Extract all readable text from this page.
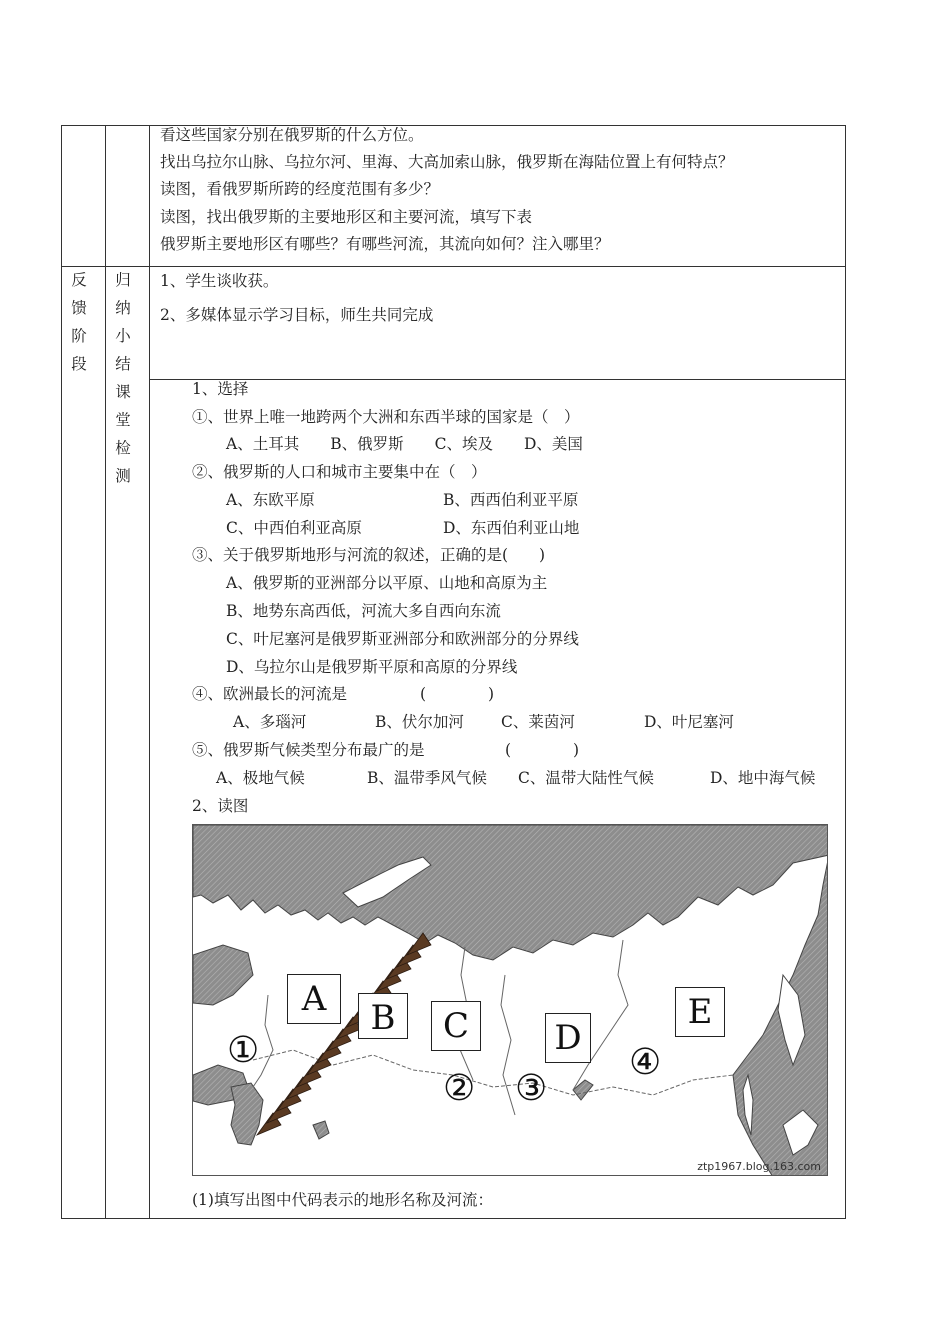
看这些国家分别在俄罗斯的什么方位。
找出乌拉尔山脉、乌拉尔河、里海、大高加索山脉，俄罗斯在海陆位置上有何特点？
读图，看俄罗斯所跨的经度范围有多少？
读图，找出俄罗斯的主要地形区和主要河流，填写下表
俄罗斯主要地形区有哪些？有哪些河流，其流向如何？注入哪里？
反
馈
阶
段
归
纳
小
结
1、学生谈收获。
2、多媒体显示学习目标，师生共同完成
课
堂
检
测
1、选择
①、世界上唯一地跨两个大洲和东西半球的国家是（　）
A、土耳其　　B、俄罗斯　　C、埃及　　D、美国
②、俄罗斯的人口和城市主要集中在（　）
A、东欧平原	B、西西伯利亚平原
C、中西伯利亚高原	D、东西伯利亚山地
③、关于俄罗斯地形与河流的叙述，正确的是(　　)
A、俄罗斯的亚洲部分以平原、山地和高原为主
B、地势东高西低，河流大多自西向东流
C、叶尼塞河是俄罗斯亚洲部分和欧洲部分的分界线
D、乌拉尔山是俄罗斯平原和高原的分界线
④、欧洲最长的河流是	(　　　　)
A、多瑙河	B、伏尔加河 C、莱茵河	D、叶尼塞河
⑤、俄罗斯气候类型分布最广的是	(　　　　)
A、极地气候	B、温带季风气候 C、温带大陆性气候	D、地中海气候
2、读图
A	B	C	D
E
①
② ③
④
ztp1967.blog.163.com
(1)填写出图中代码表示的地形名称及河流：
